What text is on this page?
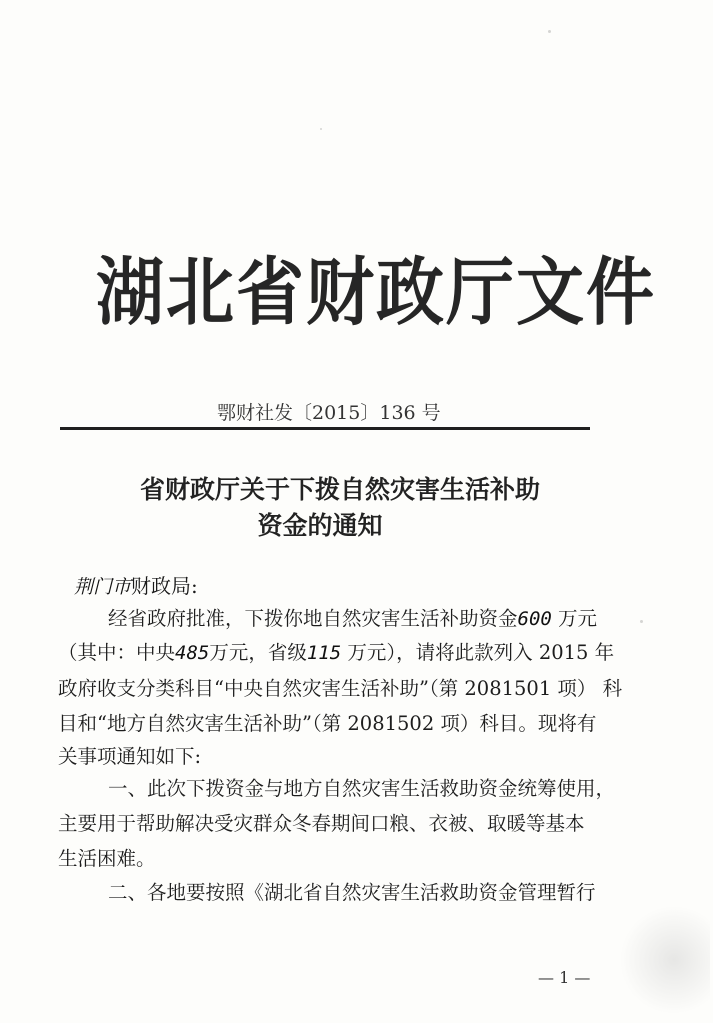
湖北省财政厅文件
鄂财社发〔2015〕136 号
省财政厅关于下拨自然灾害生活补助
资金的通知
荆门市财政局:
经省政府批准，下拨你地自然灾害生活补助资金600 万元
（其中：中央485万元，省级115 万元），请将此款列入 2015 年
政府收支分类科目“中央自然灾害生活补助”（第 2081501 项） 科
目和“地方自然灾害生活补助”（第 2081502 项）科目。现将有
关事项通知如下:
一、此次下拨资金与地方自然灾害生活救助资金统筹使用，
主要用于帮助解决受灾群众冬春期间口粮、衣被、取暖等基本
生活困难。
二、各地要按照《湖北省自然灾害生活救助资金管理暂行
— 1 —
